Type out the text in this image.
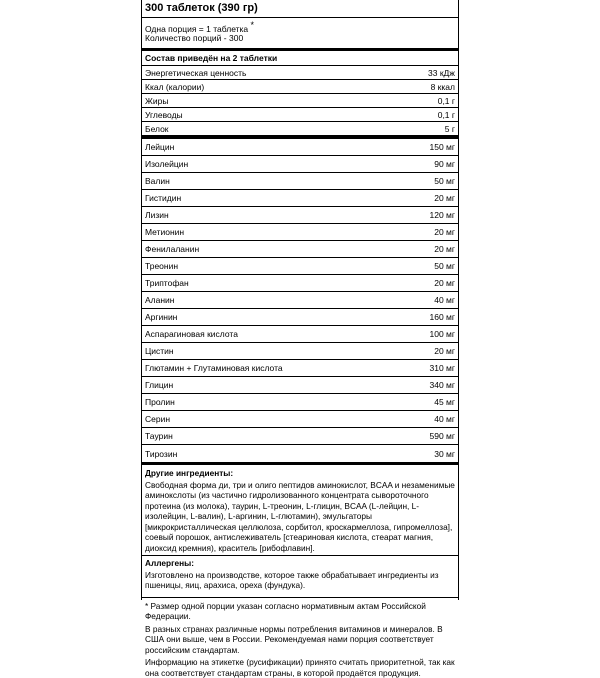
300 таблеток (390 гр)
Одна порция = 1 таблетка *
Количество порций - 300
Состав приведён на 2 таблетки
Энергетическая ценность	33 кДж
Ккал (калории)	8 ккал
Жиры	0,1 г
Углеводы	0,1 г
Белок	5 г
Лейцин	150 мг
Изолейцин	90 мг
Валин	50 мг
Гистидин	20 мг
Лизин	120 мг
Метионин	20 мг
Фенилаланин	20 мг
Треонин	50 мг
Триптофан	20 мг
Аланин	40 мг
Аргинин	160 мг
Аспарагиновая кислота	100 мг
Цистин	20 мг
Глютамин + Глутаминовая кислота	310 мг
Глицин	340 мг
Пролин	45 мг
Серин	40 мг
Таурин	590 мг
Тирозин	30 мг
Другие ингредиенты:
Свободная форма ди, три и олиго пептидов аминокислот, BCAA и незаменимые аминокслоты (из частично гидролизованного концентрата сывороточного протеина (из молока), таурин, L-треонин, L-глицин, BCAA (L-лейцин, L-изолейцин, L-валин), L-аргинин, L-глютамин), эмульгаторы [микрокристаллическая целлюлоза, сорбитол, кроскармеллоза, гипромеллоза], соевый порошок, антислеживатель [стеариновая кислота, стеарат магния, диоксид кремния), краситель [рибофлавин].
Аллергены:
Изготовлено на производстве, которое также обрабатывает ингредиенты из пшеницы, яиц, арахиса, ореха (фундука).

* Размер одной порции указан согласно нормативным актам Российской Федерации.

В разных странах различные нормы потребления витаминов и минералов. В США они выше, чем в России. Рекомендуемая нами порция соответствует российским стандартам.

Информацию на этикетке (русификации) принято считать приоритетной, так как она соответствует стандартам страны, в которой продаётся продукция.
